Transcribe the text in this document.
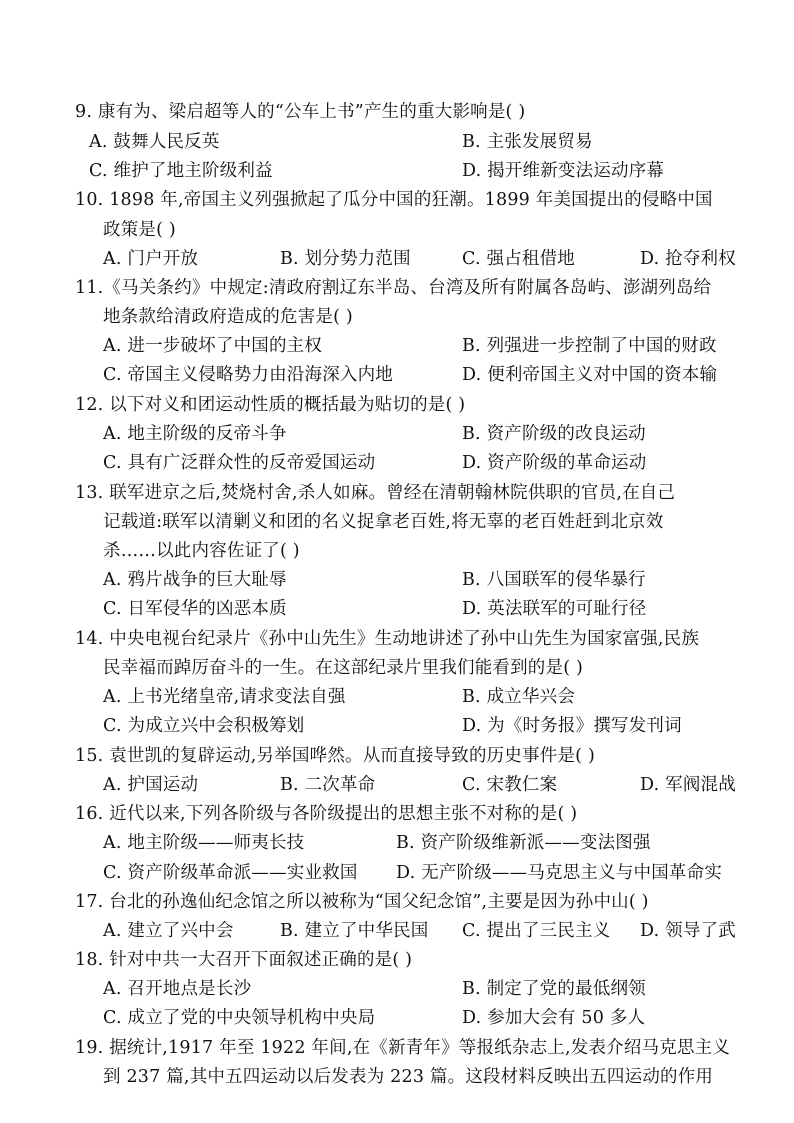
9. 康有为、梁启超等人的“公车上书”产生的重大影响是( )
A. 鼓舞人民反英	B. 主张发展贸易
C. 维护了地主阶级利益	D. 揭开维新变法运动序幕
10. 1898 年,帝国主义列强掀起了瓜分中国的狂潮。1899 年美国提出的侵略中国
政策是( )
A. 门户开放	B. 划分势力范围	C. 强占租借地	D. 抢夺利权
11.《马关条约》中规定:清政府割辽东半岛、台湾及所有附属各岛屿、澎湖列岛给
地条款给清政府造成的危害是( )
A. 进一步破坏了中国的主权	B. 列强进一步控制了中国的财政
C. 帝国主义侵略势力由沿海深入内地	D. 便利帝国主义对中国的资本输
12. 以下对义和团运动性质的概括最为贴切的是( )
A. 地主阶级的反帝斗争	B. 资产阶级的改良运动
C. 具有广泛群众性的反帝爱国运动	D. 资产阶级的革命运动
13. 联军进京之后,焚烧村舍,杀人如麻。曾经在清朝翰林院供职的官员,在自己
记载道:联军以清剿义和团的名义捉拿老百姓,将无辜的老百姓赶到北京效
杀……以此内容佐证了( )
A. 鸦片战争的巨大耻辱	B. 八国联军的侵华暴行
C. 日军侵华的凶恶本质	D. 英法联军的可耻行径
14. 中央电视台纪录片《孙中山先生》生动地讲述了孙中山先生为国家富强,民族
民幸福而踔厉奋斗的一生。在这部纪录片里我们能看到的是( )
A. 上书光绪皇帝,请求变法自强	B. 成立华兴会
C. 为成立兴中会积极筹划	D. 为《时务报》撰写发刊词
15. 袁世凯的复辟运动,另举国哗然。从而直接导致的历史事件是( )
A. 护国运动	B. 二次革命	C. 宋教仁案	D. 军阀混战
16. 近代以来,下列各阶级与各阶级提出的思想主张不对称的是( )
A. 地主阶级——师夷长技	B. 资产阶级维新派——变法图强
C. 资产阶级革命派——实业救国 D. 无产阶级——马克思主义与中国革命实
17. 台北的孙逸仙纪念馆之所以被称为“国父纪念馆”,主要是因为孙中山( )
A. 建立了兴中会	B. 建立了中华民国 C. 提出了三民主义 D. 领导了武
18. 针对中共一大召开下面叙述正确的是( )
A. 召开地点是长沙	B. 制定了党的最低纲领
C. 成立了党的中央领导机构中央局	D. 参加大会有 50 多人
19. 据统计,1917 年至 1922 年间,在《新青年》等报纸杂志上,发表介绍马克思主义
到 237 篇,其中五四运动以后发表为 223 篇。这段材料反映出五四运动的作用
